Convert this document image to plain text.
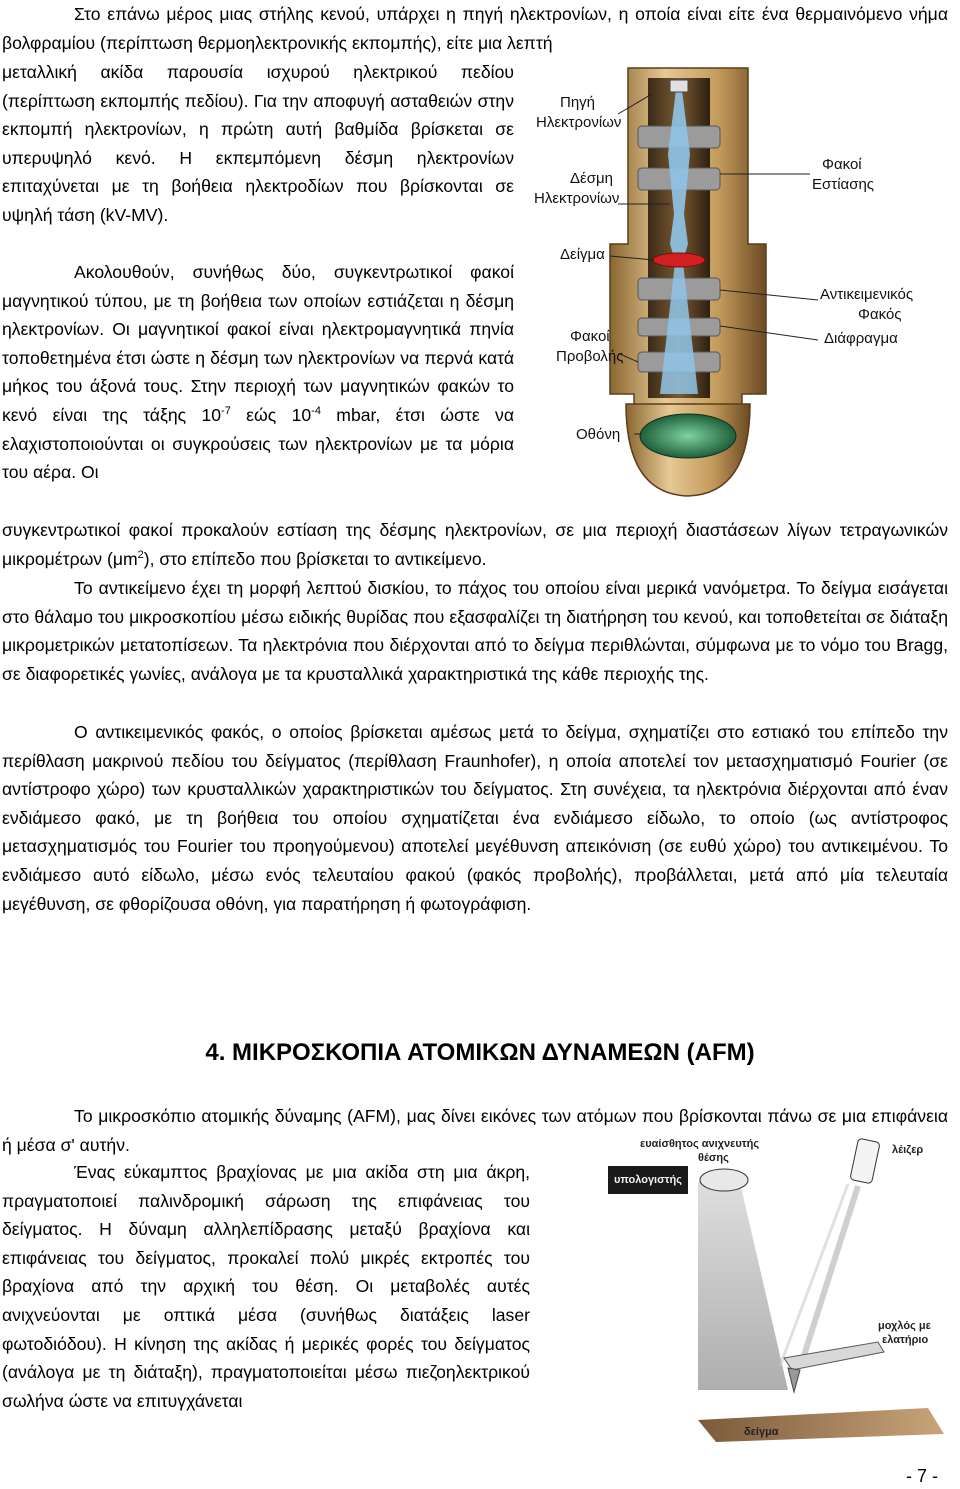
Στο επάνω μέρος μιας στήλης κενού, υπάρχει η πηγή ηλεκτρονίων, η οποία είναι είτε ένα θερμαινόμενο νήμα βολφραμίου (περίπτωση θερμοηλεκτρονικής εκπομπής), είτε μια λεπτή

μεταλλική ακίδα παρουσία ισχυρού ηλεκτρικού πεδίου (περίπτωση εκπομπής πεδίου). Για την αποφυγή ασταθειών στην εκπομπή ηλεκτρονίων, η πρώτη αυτή βαθμίδα βρίσκεται σε υπερυψηλό κενό. Η εκπεμπόμενη δέσμη ηλεκτρονίων επιταχύνεται με τη βοήθεια ηλεκτροδίων που βρίσκονται σε υψηλή τάση (kV-MV).

Ακολουθούν, συνήθως δύο, συγκεντρωτικοί φακοί μαγνητικού τύπου, με τη βοήθεια των οποίων εστιάζεται η δέσμη ηλεκτρονίων. Οι μαγνητικοί φακοί είναι ηλεκτρομαγνητικά πηνία τοποθετημένα έτσι ώστε η δέσμη των ηλεκτρονίων να περνά κατά μήκος του άξονά τους. Στην περιοχή των μαγνητικών φακών το κενό είναι της τάξης $10^{-7}$ εώς $10^{-4}$ mbar, έτσι ώστε να ελαχιστοποιούνται οι συγκρούσεις των ηλεκτρονίων με τα μόρια του αέρα. Οι

συγκεντρωτικοί φακοί προκαλούν εστίαση της δέσμης ηλεκτρονίων, σε μια περιοχή διαστάσεων λίγων τετραγωνικών μικρομέτρων $(\mu m^2)$, στο επίπεδο που βρίσκεται το αντικείμενο.

Το αντικείμενο έχει τη μορφή λεπτού δισκίου, το πάχος του οποίου είναι μερικά νανόμετρα. Το δείγμα εισάγεται στο θάλαμο του μικροσκοπίου μέσω ειδικής θυρίδας που εξασφαλίζει τη διατήρηση του κενού, και τοποθετείται σε διάταξη μικρομετρικών μετατοπίσεων. Τα ηλεκτρόνια που διέρχονται από το δείγμα περιθλώνται, σύμφωνα με το νόμο του Bragg, σε διαφορετικές γωνίες, ανάλογα με τα κρυσταλλικά χαρακτηριστικά της κάθε περιοχής της.

Ο αντικειμενικός φακός, ο οποίος βρίσκεται αμέσως μετά το δείγμα, σχηματίζει στο εστιακό του επίπεδο την περίθλαση μακρινού πεδίου του δείγματος (περίθλαση Fraunhofer), η οποία αποτελεί τον μετασχηματισμό Fourier (σε αντίστροφο χώρο) των κρυσταλλικών χαρακτηριστικών του δείγματος. Στη συνέχεια, τα ηλεκτρόνια διέρχονται από έναν ενδιάμεσο φακό, με τη βοήθεια του οποίου σχηματίζεται ένα ενδιάμεσο είδωλο, το οποίο (ως αντίστροφος μετασχηματισμός του Fourier του προηγούμενου) αποτελεί μεγέθυνση απεικόνιση (σε ευθύ χώρο) του αντικειμένου. Το ενδιάμεσο αυτό είδωλο, μέσω ενός τελευταίου φακού (φακός προβολής), προβάλλεται, μετά από μία τελευταία μεγέθυνση, σε φθορίζουσα οθόνη, για παρατήρηση ή φωτογράφιση.

4. ΜΙΚΡΟΣΚΟΠΙΑ ΑΤΟΜΙΚΩΝ ΔΥΝΑΜΕΩΝ (AFM)

Το μικροσκόπιο ατομικής δύναμης (AFM), μας δίνει εικόνες των ατόμων που βρίσκονται πάνω σε μια επιφάνεια ή μέσα σ' αυτήν.

Ένας εύκαμπτος βραχίονας με μια ακίδα στη μια άκρη, πραγματοποιεί παλινδρομική σάρωση της επιφάνειας του δείγματος. Η δύναμη αλληλεπίδρασης μεταξύ βραχίονα και επιφάνειας του δείγματος, προκαλεί πολύ μικρές εκτροπές του βραχίονα από την αρχική του θέση. Οι μεταβολές αυτές ανιχνεύονται με οπτικά μέσα (συνήθως διατάξεις laser φωτοδιόδου). Η κίνηση της ακίδας ή μερικές φορές του δείγματος (ανάλογα με τη διάταξη), πραγματοποιείται μέσω πιεζοηλεκτρικού σωλήνα ώστε να επιτυγχάνεται

- 7 -
Πηγή
Ηλεκτρονίων
Δέσμη
Ηλεκτρονίων
Φακοί
Εστίασης
Δείγμα
Αντικειμενικός
Φακός
Διάφραγμα
Φακοί
Προβολής
Οθόνη
ευαίσθητος ανιχνευτής
θέσης
λέιζερ
υπολογιστής
μοχλός με
ελατήριο
δείγμα
